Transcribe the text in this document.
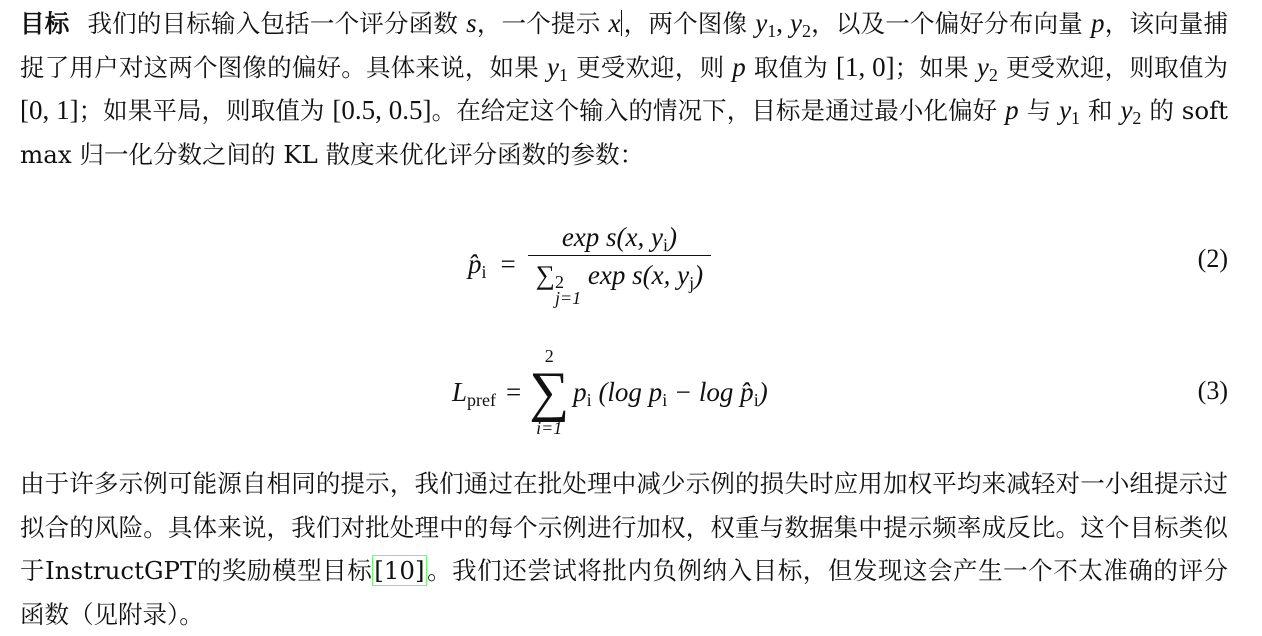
目标 我们的目标输入包括一个评分函数 s，一个提示 x ，两个图像 $y_1$, $y_2$，以及一个偏好分布向量 p，该向量捕捉了用户对这两个图像的偏好。具体来说，如果 $y_1$ 更受欢迎，则 p 取值为 [1, 0]；如果 $y_2$ 更受欢迎，则取值为 [0, 1]；如果平局，则取值为 [0.5, 0.5]。在给定这个输入的情况下，目标是通过最小化偏好 p 与 $y_1$ 和 $y_2$ 的 softmax 归一化分数之间的 KL 散度来优化评分函数的参数：
$p̂_i = \exp s(x$, $y_i$)
∑ 2
j=1
exp s(x, $y_j$)	(2)
$L_{pref}$ =
2
∑
i=1
$p_i$ (log $p_i - \log$ $p̂_i$)	(3)
由于许多示例可能源自相同的提示，我们通过在批处理中减少示例的损失时应用加权平均来减轻对一小组提示过拟合的风险。具体来说，我们对批处理中的每个示例进行加权，权重与数据集中提示频率成反比。这个目标类似于InstructGPT的奖励模型目标[10]。我们还尝试将批内负例纳入目标，但发现这会产生一个不太准确的评分函数（见附录）。
